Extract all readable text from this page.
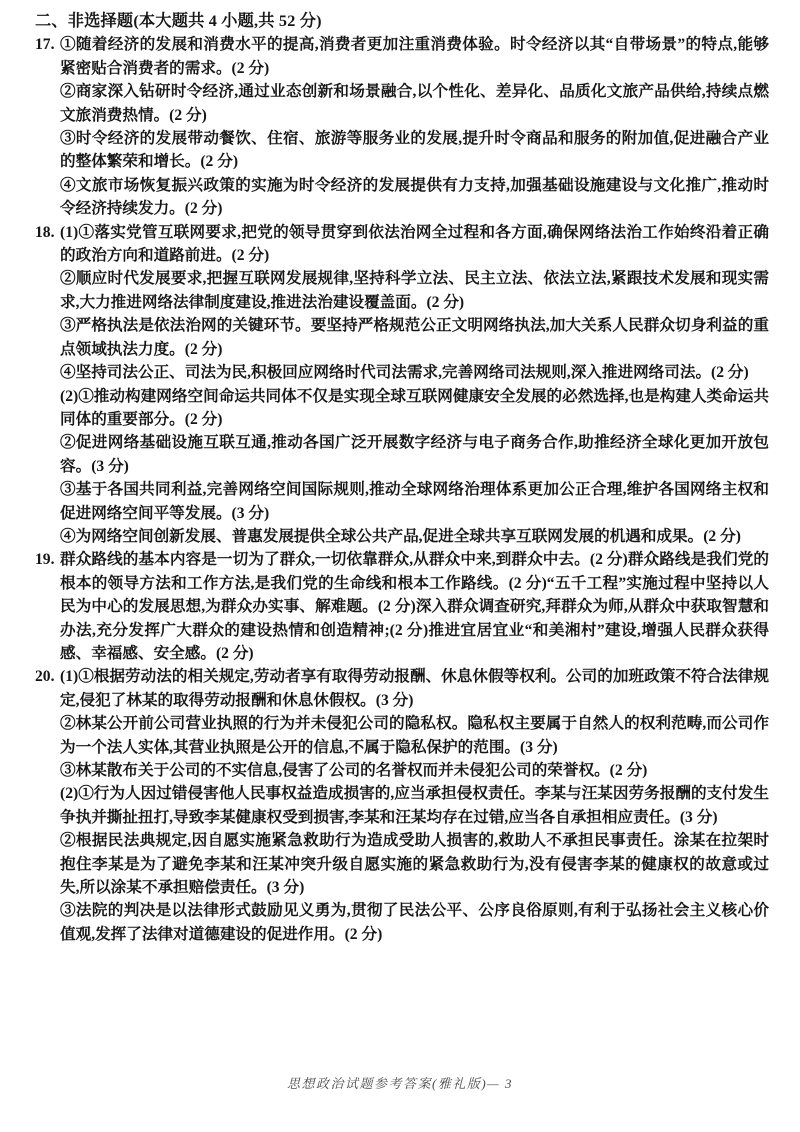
二、非选择题(本大题共 4 小题,共 52 分)

17. ①随着经济的发展和消费水平的提高,消费者更加注重消费体验。时令经济以其“自带场景”的特点,能够紧密贴合消费者的需求。(2 分)

②商家深入钻研时令经济,通过业态创新和场景融合,以个性化、差异化、品质化文旅产品供给,持续点燃文旅消费热情。(2 分)

③时令经济的发展带动餐饮、住宿、旅游等服务业的发展,提升时令商品和服务的附加值,促进融合产业的整体繁荣和增长。(2 分)

④文旅市场恢复振兴政策的实施为时令经济的发展提供有力支持,加强基础设施建设与文化推广,推动时令经济持续发力。(2 分)

18. (1)①落实党管互联网要求,把党的领导贯穿到依法治网全过程和各方面,确保网络法治工作始终沿着正确的政治方向和道路前进。(2 分)

②顺应时代发展要求,把握互联网发展规律,坚持科学立法、民主立法、依法立法,紧跟技术发展和现实需求,大力推进网络法律制度建设,推进法治建设覆盖面。(2 分)

③严格执法是依法治网的关键环节。要坚持严格规范公正文明网络执法,加大关系人民群众切身利益的重点领域执法力度。(2 分)

④坚持司法公正、司法为民,积极回应网络时代司法需求,完善网络司法规则,深入推进网络司法。(2 分)

(2)①推动构建网络空间命运共同体不仅是实现全球互联网健康安全发展的必然选择,也是构建人类命运共同体的重要部分。(2 分)

②促进网络基础设施互联互通,推动各国广泛开展数字经济与电子商务合作,助推经济全球化更加开放包容。(3 分)

③基于各国共同利益,完善网络空间国际规则,推动全球网络治理体系更加公正合理,维护各国网络主权和促进网络空间平等发展。(3 分)

④为网络空间创新发展、普惠发展提供全球公共产品,促进全球共享互联网发展的机遇和成果。(2 分)

19. 群众路线的基本内容是一切为了群众,一切依靠群众,从群众中来,到群众中去。(2 分)群众路线是我们党的根本的领导方法和工作方法,是我们党的生命线和根本工作路线。(2 分)“五千工程”实施过程中坚持以人民为中心的发展思想,为群众办实事、解难题。(2 分)深入群众调查研究,拜群众为师,从群众中获取智慧和办法,充分发挥广大群众的建设热情和创造精神;(2 分)推进宜居宜业“和美湘村”建设,增强人民群众获得感、幸福感、安全感。(2 分)

20. (1)①根据劳动法的相关规定,劳动者享有取得劳动报酬、休息休假等权利。公司的加班政策不符合法律规定,侵犯了林某的取得劳动报酬和休息休假权。(3 分)

②林某公开前公司营业执照的行为并未侵犯公司的隐私权。隐私权主要属于自然人的权利范畴,而公司作为一个法人实体,其营业执照是公开的信息,不属于隐私保护的范围。(3 分)

③林某散布关于公司的不实信息,侵害了公司的名誉权而并未侵犯公司的荣誉权。(2 分)

(2)①行为人因过错侵害他人民事权益造成损害的,应当承担侵权责任。李某与汪某因劳务报酬的支付发生争执并撕扯扭打,导致李某健康权受到损害,李某和汪某均存在过错,应当各自承担相应责任。(3 分)

②根据民法典规定,因自愿实施紧急救助行为造成受助人损害的,救助人不承担民事责任。涂某在拉架时抱住李某是为了避免李某和汪某冲突升级自愿实施的紧急救助行为,没有侵害李某的健康权的故意或过失,所以涂某不承担赔偿责任。(3 分)

③法院的判决是以法律形式鼓励见义勇为,贯彻了民法公平、公序良俗原则,有利于弘扬社会主义核心价值观,发挥了法律对道德建设的促进作用。(2 分)

思想政治试题参考答案(雅礼版)— 3
